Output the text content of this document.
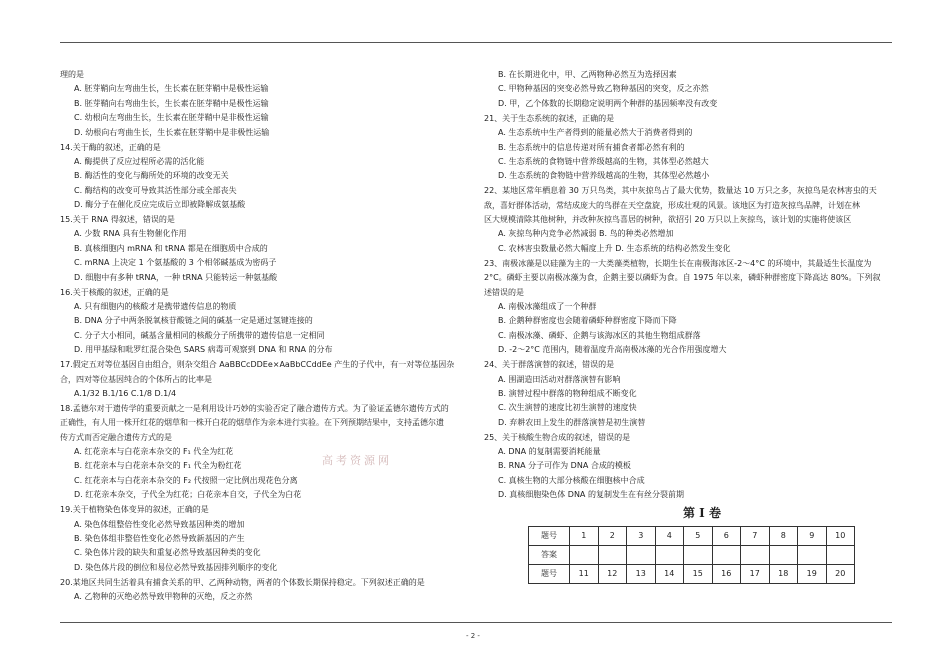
理的是

A. 胚芽鞘向左弯曲生长，生长素在胚芽鞘中是极性运输

B. 胚芽鞘向右弯曲生长，生长素在胚芽鞘中是极性运输

C. 幼根向左弯曲生长，生长素在胚芽鞘中是非极性运输

D. 幼根向右弯曲生长，生长素在胚芽鞘中是非极性运输

14.关于酶的叙述，正确的是

A. 酶提供了反应过程所必需的活化能

B. 酶活性的变化与酶所处的环境的改变无关

C. 酶结构的改变可导致其活性部分或全部丧失

D. 酶分子在催化反应完成后立即被降解成氨基酸

15.关于 RNA 得叙述，错误的是

A. 少数 RNA 具有生物催化作用

B. 真核细胞内 mRNA 和 tRNA 都是在细胞质中合成的

C. mRNA 上决定 1 个氨基酸的 3 个相邻碱基成为密码子

D. 细胞中有多种 tRNA，一种 tRNA 只能转运一种氨基酸

16.关于核酸的叙述，正确的是

A. 只有细胞内的核酸才是携带遗传信息的物质

B. DNA 分子中两条脱氧核苷酸链之间的碱基一定是通过氢键连接的

C. 分子大小相同，碱基含量相同的核酸分子所携带的遗传信息一定相同

D. 用甲基绿和吡罗红混合染色 SARS 病毒可观察到 DNA 和 RNA 的分布

17.假定五对等位基因自由组合，则杂交组合 AaBBCcDDEe×AaBbCCddEe 产生的子代中，有一对等位基因杂

合，四对等位基因纯合的个体所占的比率是

A.1/32 B.1/16 C.1/8 D.1/4

18.孟德尔对于遗传学的重要贡献之一是利用设计巧妙的实验否定了融合遗传方式。为了验证孟德尔遗传方式的

正确性，有人用一株开红花的烟草和一株开白花的烟草作为亲本进行实验。在下列预期结果中，支持孟德尔遗

传方式而否定融合遗传方式的是

A. 红花亲本与白花亲本杂交的 F₁ 代全为红花

B. 红花亲本与白花亲本杂交的 F₁ 代全为粉红花

C. 红花亲本与白花亲本杂交的 F₂ 代按照一定比例出现花色分离

D. 红花亲本杂交，子代全为红花；白花亲本自交，子代全为白花

19.关于植物染色体变异的叙述，正确的是

A. 染色体组整倍性变化必然导致基因种类的增加

B. 染色体组非整倍性变化必然导致新基因的产生

C. 染色体片段的缺失和重复必然导致基因种类的变化

D. 染色体片段的倒位和易位必然导致基因排列顺序的变化

20.某地区共同生活着具有捕食关系的甲、乙两种动物，两者的个体数长期保持稳定。下列叙述正确的是

A. 乙物种的灭绝必然导致甲物种的灭绝，反之亦然

B. 在长期进化中，甲、乙两物种必然互为选择因素

C. 甲物种基因的突变必然导致乙物种基因的突变，反之亦然

D. 甲，乙个体数的长期稳定说明两个种群的基因频率没有改变

21、关于生态系统的叙述，正确的是

A. 生态系统中生产者得到的能量必然大于消费者得到的

B. 生态系统中的信息传递对所有捕食者都必然有利的

C. 生态系统的食物链中营养级越高的生物，其体型必然越大

D. 生态系统的食物链中营养级越高的生物，其体型必然越小

22、某地区常年栖息着 30 万只鸟类，其中灰掠鸟占了最大优势，数量达 10 万只之多，灰掠鸟是农林害虫的天

敌，喜好群体活动，常结成庞大的鸟群在天空盘旋，形成壮观的风景。该地区为打造灰掠鸟品牌，计划在林

区大规模清除其他树种，并改种灰掠鸟喜居的树种，欲招引 20 万只以上灰掠鸟，该计划的实施将使该区

A. 灰掠鸟种内竞争必然减弱 B. 鸟的种类必然增加

C. 农林害虫数量必然大幅度上升 D. 生态系统的结构必然发生变化

23、南极冰藻是以硅藻为主的一大类藻类植物，长期生长在南极海冰区-2～4°C 的环境中，其最适生长温度为

2°C。磷虾主要以南极冰藻为食，企鹅主要以磷虾为食。自 1975 年以来，磷虾种群密度下降高达 80%。下列叙

述错误的是

A. 南极冰藻组成了一个种群

B. 企鹅种群密度也会随着磷虾种群密度下降而下降

C. 南极冰藻、磷虾、企鹅与该海冰区的其他生物组成群落

D. -2～2°C 范围内，随着温度升高南极冰藻的光合作用强度增大

24、关于群落演替的叙述，错误的是

A. 围湖造田活动对群落演替有影响

B. 演替过程中群落的物种组成不断变化

C. 次生演替的速度比初生演替的速度快

D. 弃耕农田上发生的群落演替是初生演替

25、关于核酸生物合成的叙述，错误的是

A. DNA 的复制需要消耗能量

B. RNA 分子可作为 DNA 合成的模板

C. 真核生物的大部分核酸在细胞核中合成

D. 真核细胞染色体 DNA 的复制发生在有丝分裂前期

高考资源网
第 I 卷
题号	1	2	3	4	5	6	7	8	9	10
答案										
题号	11	12	13	14	15	16	17	18	19	20
- 2 -
